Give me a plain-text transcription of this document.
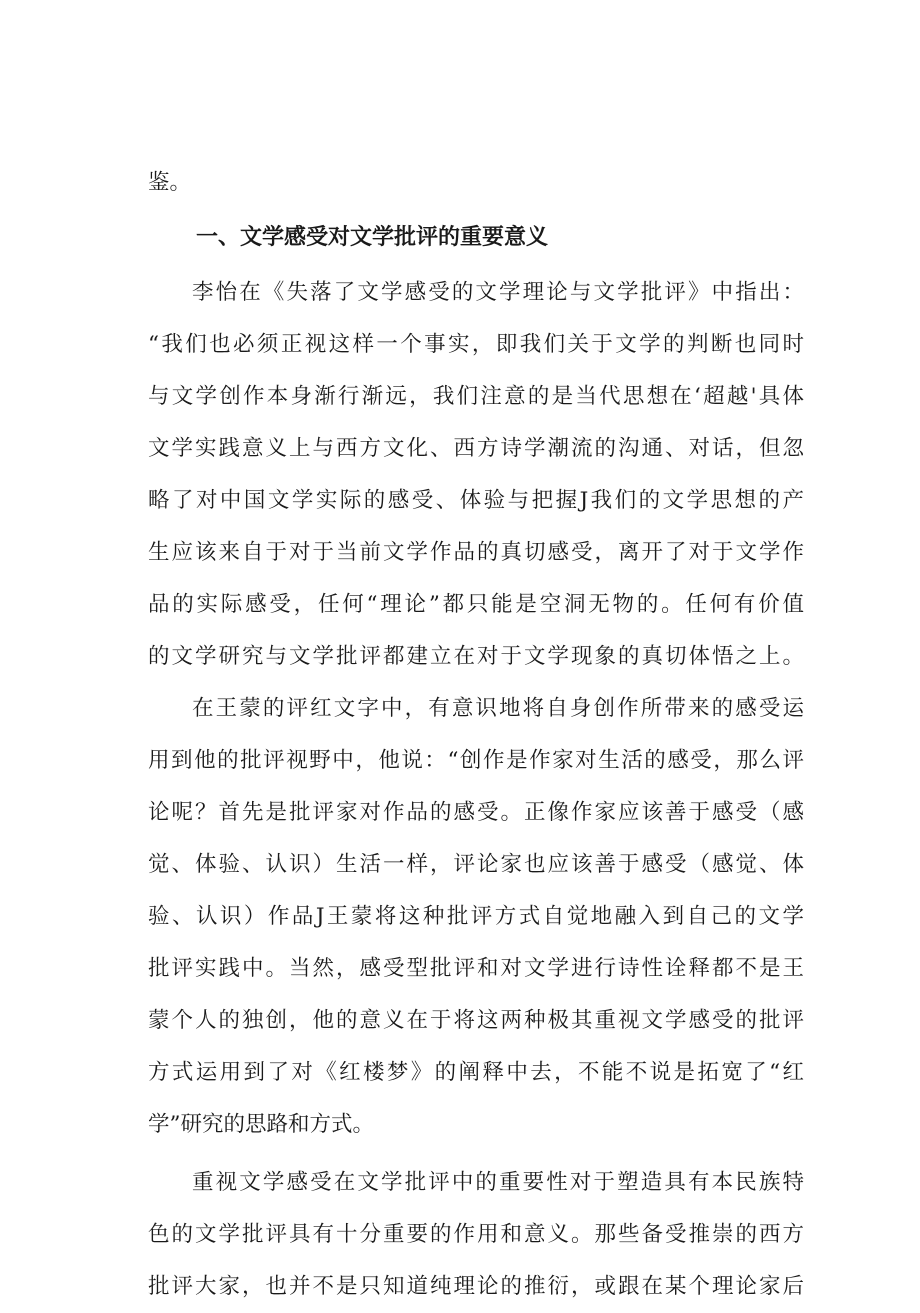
鉴。
一、文学感受对文学批评的重要意义
李怡在《失落了文学感受的文学理论与文学批评》中指出：
“我们也必须正视这样一个事实，即我们关于文学的判断也同时
与文学创作本身渐行渐远，我们注意的是当代思想在‘超越'具体
文学实践意义上与西方文化、西方诗学潮流的沟通、对话，但忽
略了对中国文学实际的感受、体验与把握J我们的文学思想的产
生应该来自于对于当前文学作品的真切感受，离开了对于文学作
品的实际感受，任何“理论”都只能是空洞无物的。任何有价值
的文学研究与文学批评都建立在对于文学现象的真切体悟之上。
在王蒙的评红文字中，有意识地将自身创作所带来的感受运
用到他的批评视野中，他说：“创作是作家对生活的感受，那么评
论呢？首先是批评家对作品的感受。正像作家应该善于感受（感
觉、体验、认识）生活一样，评论家也应该善于感受（感觉、体
验、认识）作品J王蒙将这种批评方式自觉地融入到自己的文学
批评实践中。当然，感受型批评和对文学进行诗性诠释都不是王
蒙个人的独创，他的意义在于将这两种极其重视文学感受的批评
方式运用到了对《红楼梦》的阐释中去，不能不说是拓宽了“红
学”研究的思路和方式。
重视文学感受在文学批评中的重要性对于塑造具有本民族特
色的文学批评具有十分重要的作用和意义。那些备受推崇的西方
批评大家，也并不是只知道纯理论的推衍，或跟在某个理论家后
